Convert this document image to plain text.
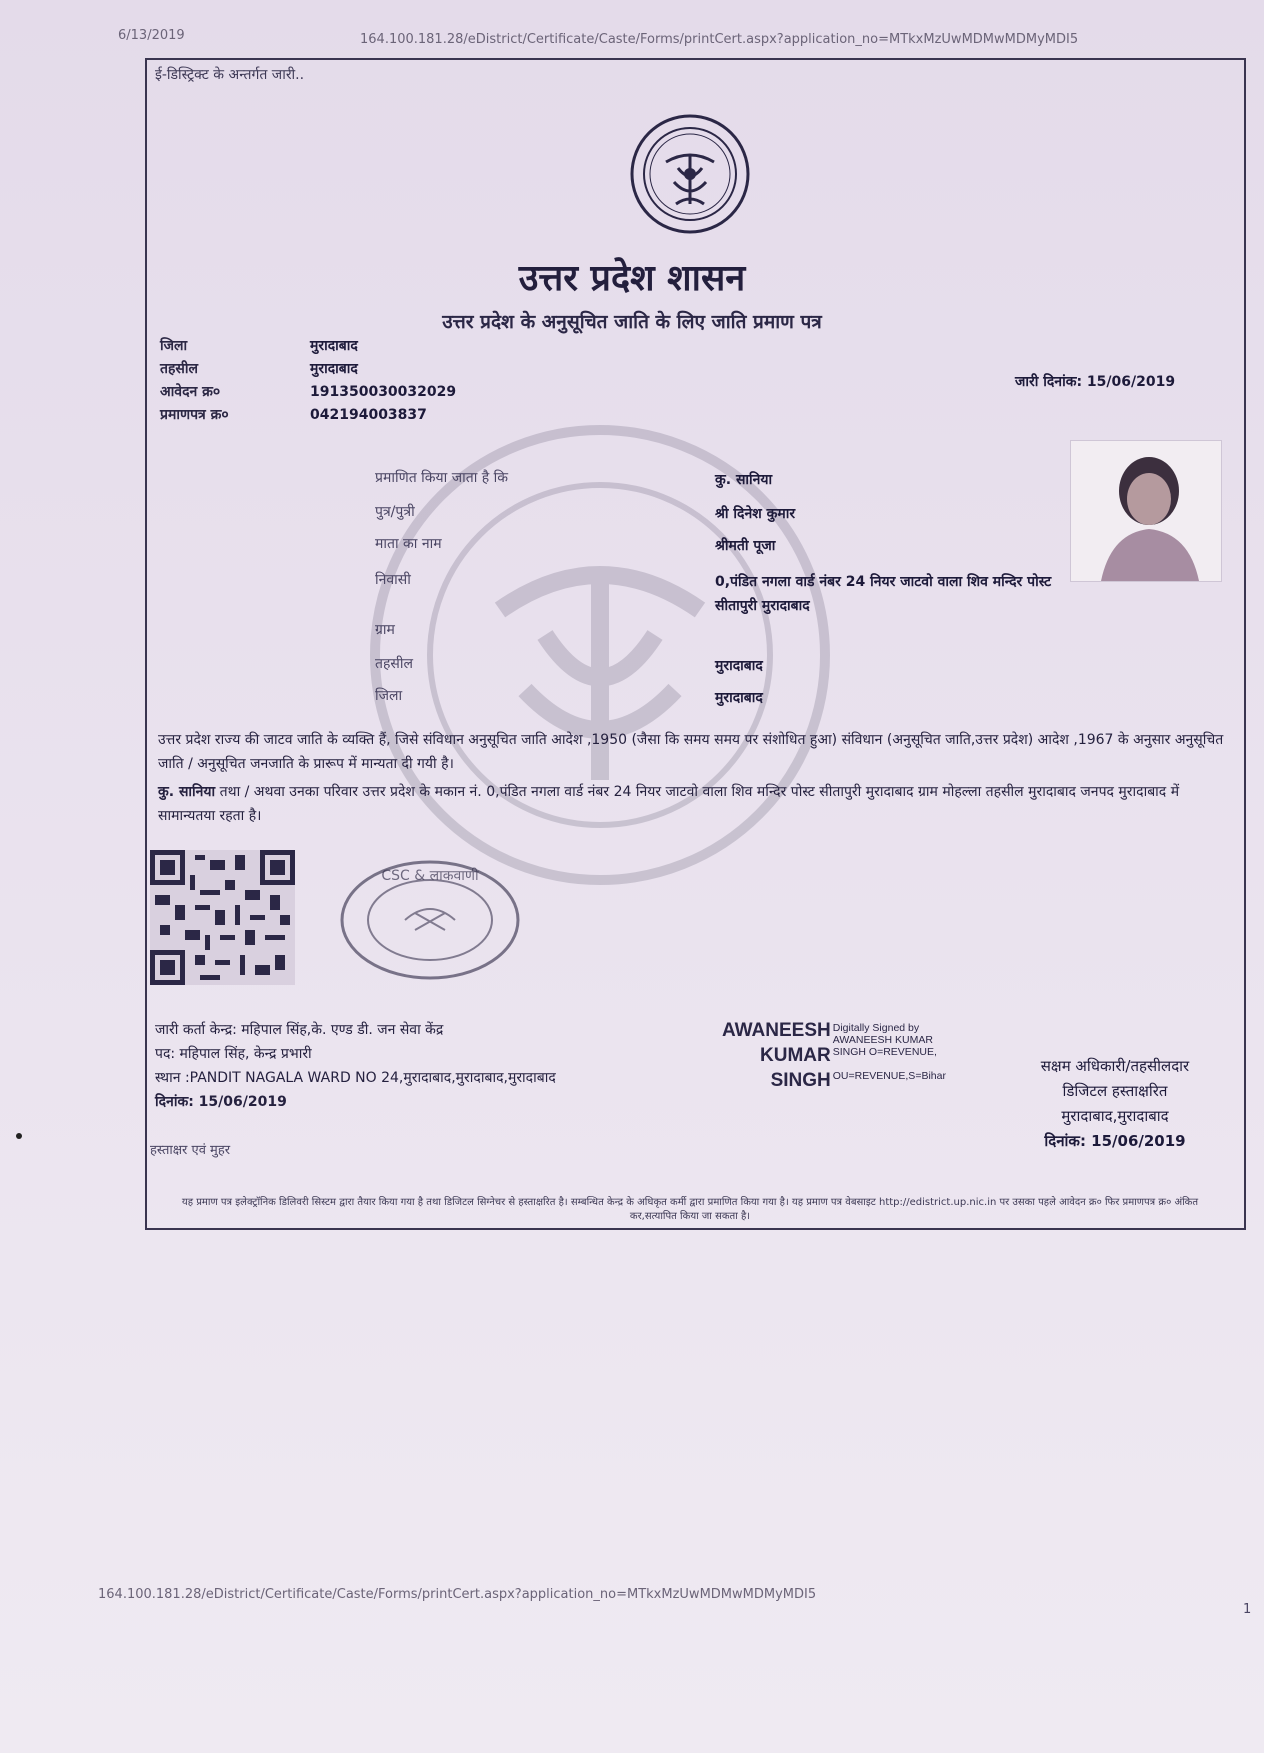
6/13/2019	164.100.181.28/eDistrict/Certificate/Caste/Forms/printCert.aspx?application_no=MTkxMzUwMDMwMDMyMDI5
ई-डिस्ट्रिक्ट के अन्तर्गत जारी..
उत्तर प्रदेश शासन
उत्तर प्रदेश के अनुसूचित जाति के लिए जाति प्रमाण पत्र
जिला	मुरादाबाद
तहसील	मुरादाबाद
आवेदन क्र०	191350030032029
प्रमाणपत्र क्र०	042194003837
जारी दिनांक: 15/06/2019
प्रमाणित किया जाता है कि	कु. सानिया
पुत्र/पुत्री	श्री दिनेश कुमार
माता का नाम	श्रीमती पूजा
निवासी	0,पंडित नगला वार्ड नंबर 24 नियर जाटवो वाला शिव मन्दिर पोस्ट सीतापुरी मुरादाबाद
ग्राम
तहसील	मुरादाबाद
जिला	मुरादाबाद
उत्तर प्रदेश राज्य की जाटव जाति के व्यक्ति हैं, जिसे संविधान अनुसूचित जाति आदेश ,1950 (जैसा कि समय समय पर संशोधित हुआ) संविधान (अनुसूचित जाति,उत्तर प्रदेश) आदेश ,1967 के अनुसार अनुसूचित जाति / अनुसूचित जनजाति के प्रारूप में मान्यता दी गयी है।
कु. सानिया तथा / अथवा उनका परिवार उत्तर प्रदेश के मकान नं. 0,पंडित नगला वार्ड नंबर 24 नियर जाटवो वाला शिव मन्दिर पोस्ट सीतापुरी मुरादाबाद ग्राम मोहल्ला तहसील मुरादाबाद जनपद मुरादाबाद में सामान्यतया रहता है।
CSC & लाकवाणी
जारी कर्ता केन्द्र: महिपाल सिंह,के. एण्ड डी. जन सेवा केंद्र
पद: महिपाल सिंह, केन्द्र प्रभारी
स्थान :PANDIT NAGALA WARD NO 24,मुरादाबाद,मुरादाबाद,मुरादाबाद
दिनांक: 15/06/2019
AWANEESH
KUMAR
SINGH
Digitally Signed by
AWANEESH KUMAR
SINGH O=REVENUE,
OU=REVENUE,S=Bihar
सक्षम अधिकारी/तहसीलदार
डिजिटल हस्ताक्षरित
मुरादाबाद,मुरादाबाद
दिनांक: 15/06/2019
हस्ताक्षर एवं मुहर
यह प्रमाण पत्र इलेक्ट्रॉनिक डिलिवरी सिस्टम द्वारा तैयार किया गया है तथा डिजिटल सिग्नेचर से हस्ताक्षरित है। सम्बन्धित केन्द्र के अधिकृत कर्मी द्वारा प्रमाणित किया गया है। यह प्रमाण पत्र वेबसाइट http://edistrict.up.nic.in पर उसका पहले आवेदन क्र० फिर प्रमाणपत्र क्र० अंकित कर,सत्यापित किया जा सकता है।
164.100.181.28/eDistrict/Certificate/Caste/Forms/printCert.aspx?application_no=MTkxMzUwMDMwMDMyMDI5
1
